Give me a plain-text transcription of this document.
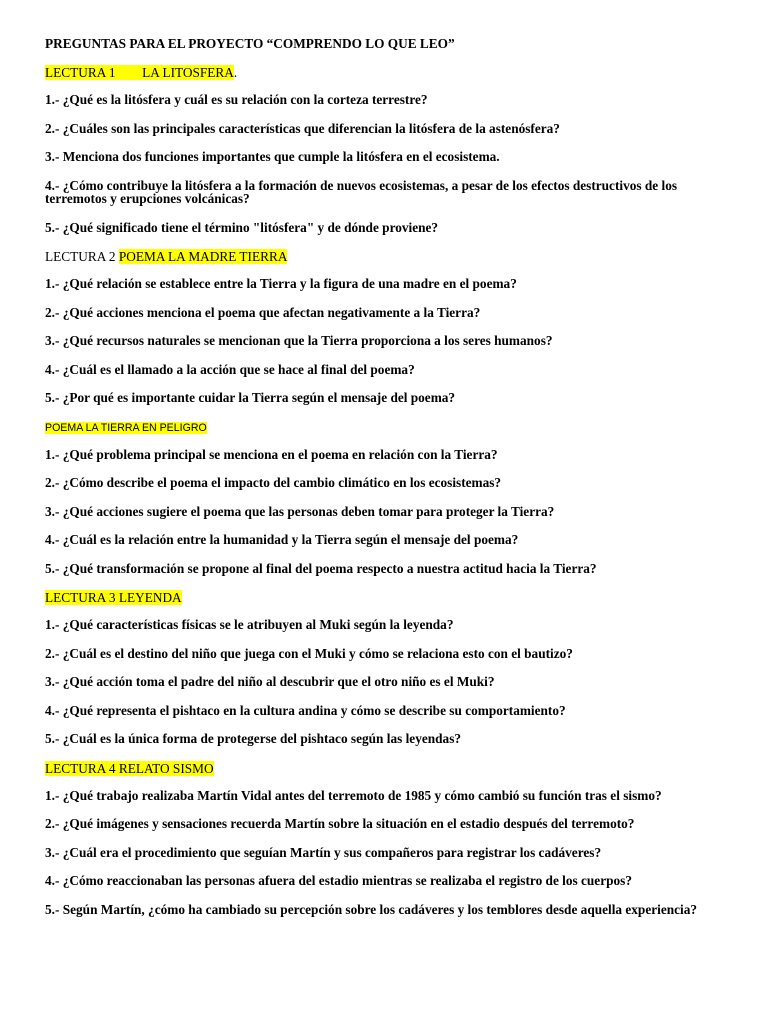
PREGUNTAS PARA EL PROYECTO “COMPRENDO LO QUE LEO”
LECTURA 1        LA LITOSFERA.
1.- ¿Qué es la litósfera y cuál es su relación con la corteza terrestre?
2.- ¿Cuáles son las principales características que diferencian la litósfera de la astenósfera?
3.- Menciona dos funciones importantes que cumple la litósfera en el ecosistema.
4.- ¿Cómo contribuye la litósfera a la formación de nuevos ecosistemas, a pesar de los efectos destructivos de los terremotos y erupciones volcánicas?
5.- ¿Qué significado tiene el término "litósfera" y de dónde proviene?
LECTURA 2 POEMA LA MADRE TIERRA
1.- ¿Qué relación se establece entre la Tierra y la figura de una madre en el poema?
2.- ¿Qué acciones menciona el poema que afectan negativamente a la Tierra?
3.- ¿Qué recursos naturales se mencionan que la Tierra proporciona a los seres humanos?
4.- ¿Cuál es el llamado a la acción que se hace al final del poema?
5.- ¿Por qué es importante cuidar la Tierra según el mensaje del poema?
POEMA LA TIERRA EN PELIGRO
1.- ¿Qué problema principal se menciona en el poema en relación con la Tierra?
2.- ¿Cómo describe el poema el impacto del cambio climático en los ecosistemas?
3.- ¿Qué acciones sugiere el poema que las personas deben tomar para proteger la Tierra?
4.- ¿Cuál es la relación entre la humanidad y la Tierra según el mensaje del poema?
5.- ¿Qué transformación se propone al final del poema respecto a nuestra actitud hacia la Tierra?
LECTURA 3 LEYENDA
1.- ¿Qué características físicas se le atribuyen al Muki según la leyenda?
2.- ¿Cuál es el destino del niño que juega con el Muki y cómo se relaciona esto con el bautizo?
3.- ¿Qué acción toma el padre del niño al descubrir que el otro niño es el Muki?
4.- ¿Qué representa el pishtaco en la cultura andina y cómo se describe su comportamiento?
5.- ¿Cuál es la única forma de protegerse del pishtaco según las leyendas?
LECTURA 4 RELATO SISMO
1.- ¿Qué trabajo realizaba Martín Vidal antes del terremoto de 1985 y cómo cambió su función tras el sismo?
2.- ¿Qué imágenes y sensaciones recuerda Martín sobre la situación en el estadio después del terremoto?
3.- ¿Cuál era el procedimiento que seguían Martín y sus compañeros para registrar los cadáveres?
4.- ¿Cómo reaccionaban las personas afuera del estadio mientras se realizaba el registro de los cuerpos?
5.- Según Martín, ¿cómo ha cambiado su percepción sobre los cadáveres y los temblores desde aquella experiencia?
